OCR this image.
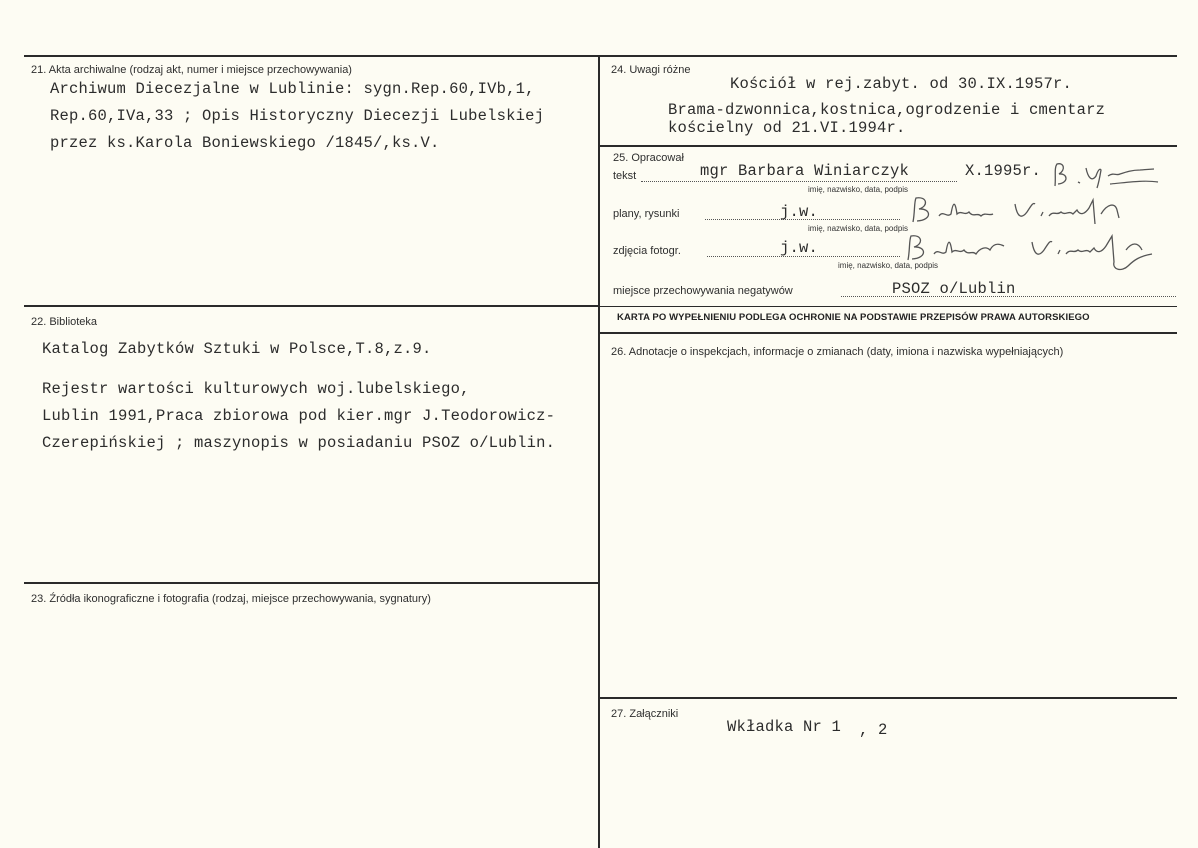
21. Akta archiwalne (rodzaj akt, numer i miejsce przechowywania)
Archiwum Diecezjalne w Lublinie: sygn.Rep.60,IVb,1,
Rep.60,IVa,33 ; Opis Historyczny Diecezji Lubelskiej
przez ks.Karola Boniewskiego /1845/,ks.V.
22. Biblioteka
Katalog Zabytków Sztuki w Polsce,T.8,z.9.
Rejestr wartości kulturowych woj.lubelskiego,
Lublin 1991,Praca zbiorowa pod kier.mgr J.Teodorowicz-
Czerepińskiej ; maszynopis w posiadaniu PSOZ o/Lublin.
23. Źródła ikonograficzne i fotografia (rodzaj, miejsce przechowywania, sygnatury)
24. Uwagi różne
Kościół w rej.zabyt. od 30.IX.1957r.
Brama-dzwonnica,kostnica,ogrodzenie i cmentarz
kościelny od 21.VI.1994r.
25. Opracował
tekst	mgr Barbara Winiarczyk	X.1995r.
imię, nazwisko, data, podpis
plany, rysunki	j.w.
imię, nazwisko, data, podpis
zdjęcia fotogr.	j.w.
imię, nazwisko, data, podpis
miejsce przechowywania negatywów	PSOZ o/Lublin
KARTA PO WYPEŁNIENIU PODLEGA OCHRONIE NA PODSTAWIE PRZEPISÓW PRAWA AUTORSKIEGO
26. Adnotacje o inspekcjach, informacje o zmianach (daty, imiona i nazwiska wypełniających)
27. Załączniki
Wkładka Nr 1 , 2
